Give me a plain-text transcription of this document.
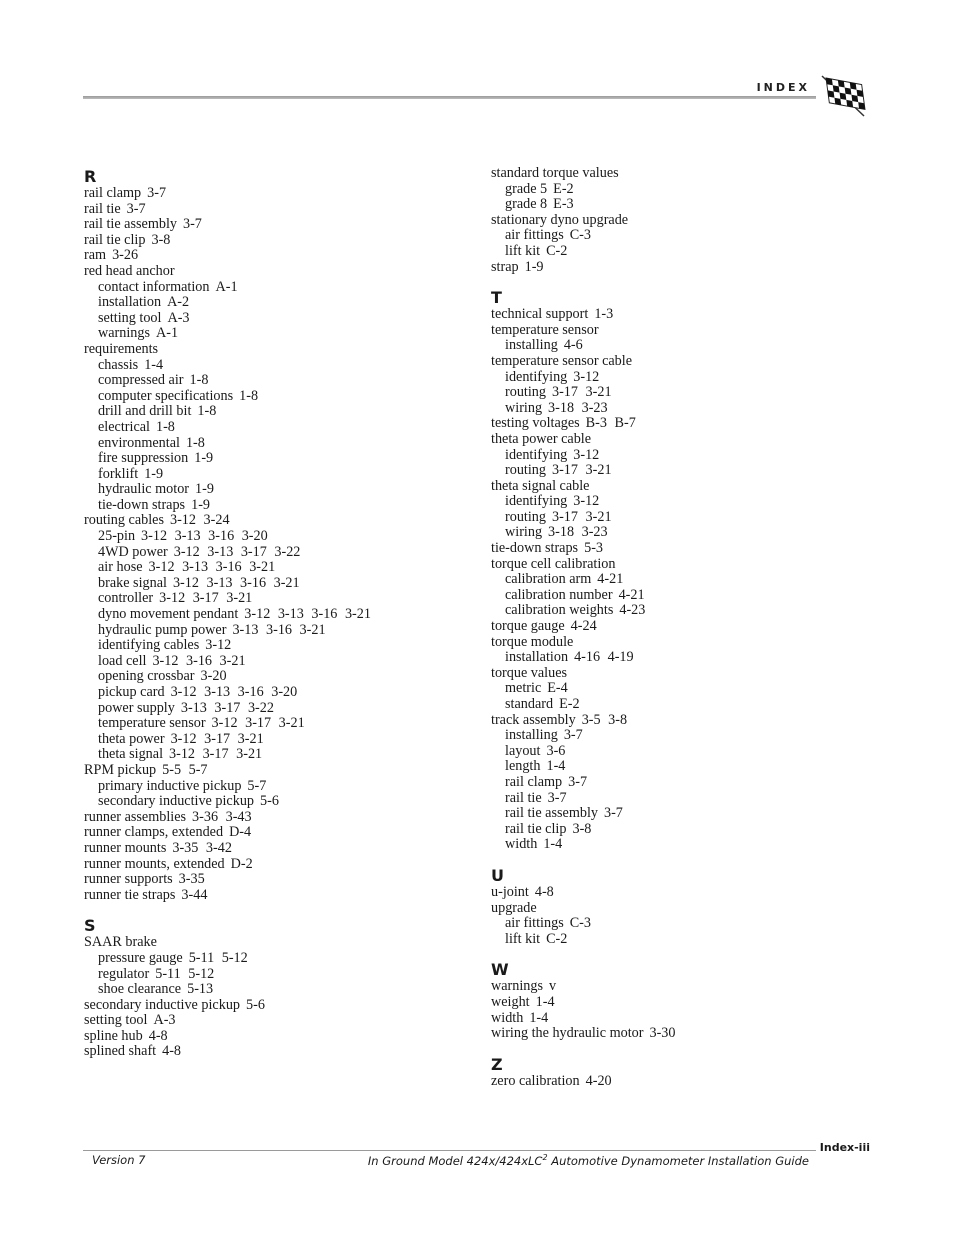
INDEX
R
rail clamp 3-7
rail tie 3-7
rail tie assembly 3-7
rail tie clip 3-8
ram 3-26
red head anchor
contact information A-1
installation A-2
setting tool A-3
warnings A-1
requirements
chassis 1-4
compressed air 1-8
computer specifications 1-8
drill and drill bit 1-8
electrical 1-8
environmental 1-8
fire suppression 1-9
forklift 1-9
hydraulic motor 1-9
tie-down straps 1-9
routing cables 3-12 3-24
25-pin 3-12 3-13 3-16 3-20
4WD power 3-12 3-13 3-17 3-22
air hose 3-12 3-13 3-16 3-21
brake signal 3-12 3-13 3-16 3-21
controller 3-12 3-17 3-21
dyno movement pendant 3-12 3-13 3-16 3-21
hydraulic pump power 3-13 3-16 3-21
identifying cables 3-12
load cell 3-12 3-16 3-21
opening crossbar 3-20
pickup card 3-12 3-13 3-16 3-20
power supply 3-13 3-17 3-22
temperature sensor 3-12 3-17 3-21
theta power 3-12 3-17 3-21
theta signal 3-12 3-17 3-21
RPM pickup 5-5 5-7
primary inductive pickup 5-7
secondary inductive pickup 5-6
runner assemblies 3-36 3-43
runner clamps, extended D-4
runner mounts 3-35 3-42
runner mounts, extended D-2
runner supports 3-35
runner tie straps 3-44
S
SAAR brake
pressure gauge 5-11 5-12
regulator 5-11 5-12
shoe clearance 5-13
secondary inductive pickup 5-6
setting tool A-3
spline hub 4-8
splined shaft 4-8
standard torque values
grade 5 E-2
grade 8 E-3
stationary dyno upgrade
air fittings C-3
lift kit C-2
strap 1-9
T
technical support 1-3
temperature sensor
installing 4-6
temperature sensor cable
identifying 3-12
routing 3-17 3-21
wiring 3-18 3-23
testing voltages B-3 B-7
theta power cable
identifying 3-12
routing 3-17 3-21
theta signal cable
identifying 3-12
routing 3-17 3-21
wiring 3-18 3-23
tie-down straps 5-3
torque cell calibration
calibration arm 4-21
calibration number 4-21
calibration weights 4-23
torque gauge 4-24
torque module
installation 4-16 4-19
torque values
metric E-4
standard E-2
track assembly 3-5 3-8
installing 3-7
layout 3-6
length 1-4
rail clamp 3-7
rail tie 3-7
rail tie assembly 3-7
rail tie clip 3-8
width 1-4
U
u-joint 4-8
upgrade
air fittings C-3
lift kit C-2
W
warnings v
weight 1-4
width 1-4
wiring the hydraulic motor 3-30
Z
zero calibration 4-20
Index-iii
Version 7	In Ground Model 424x/424xLC$^2$ Automotive Dynamometer Installation Guide
